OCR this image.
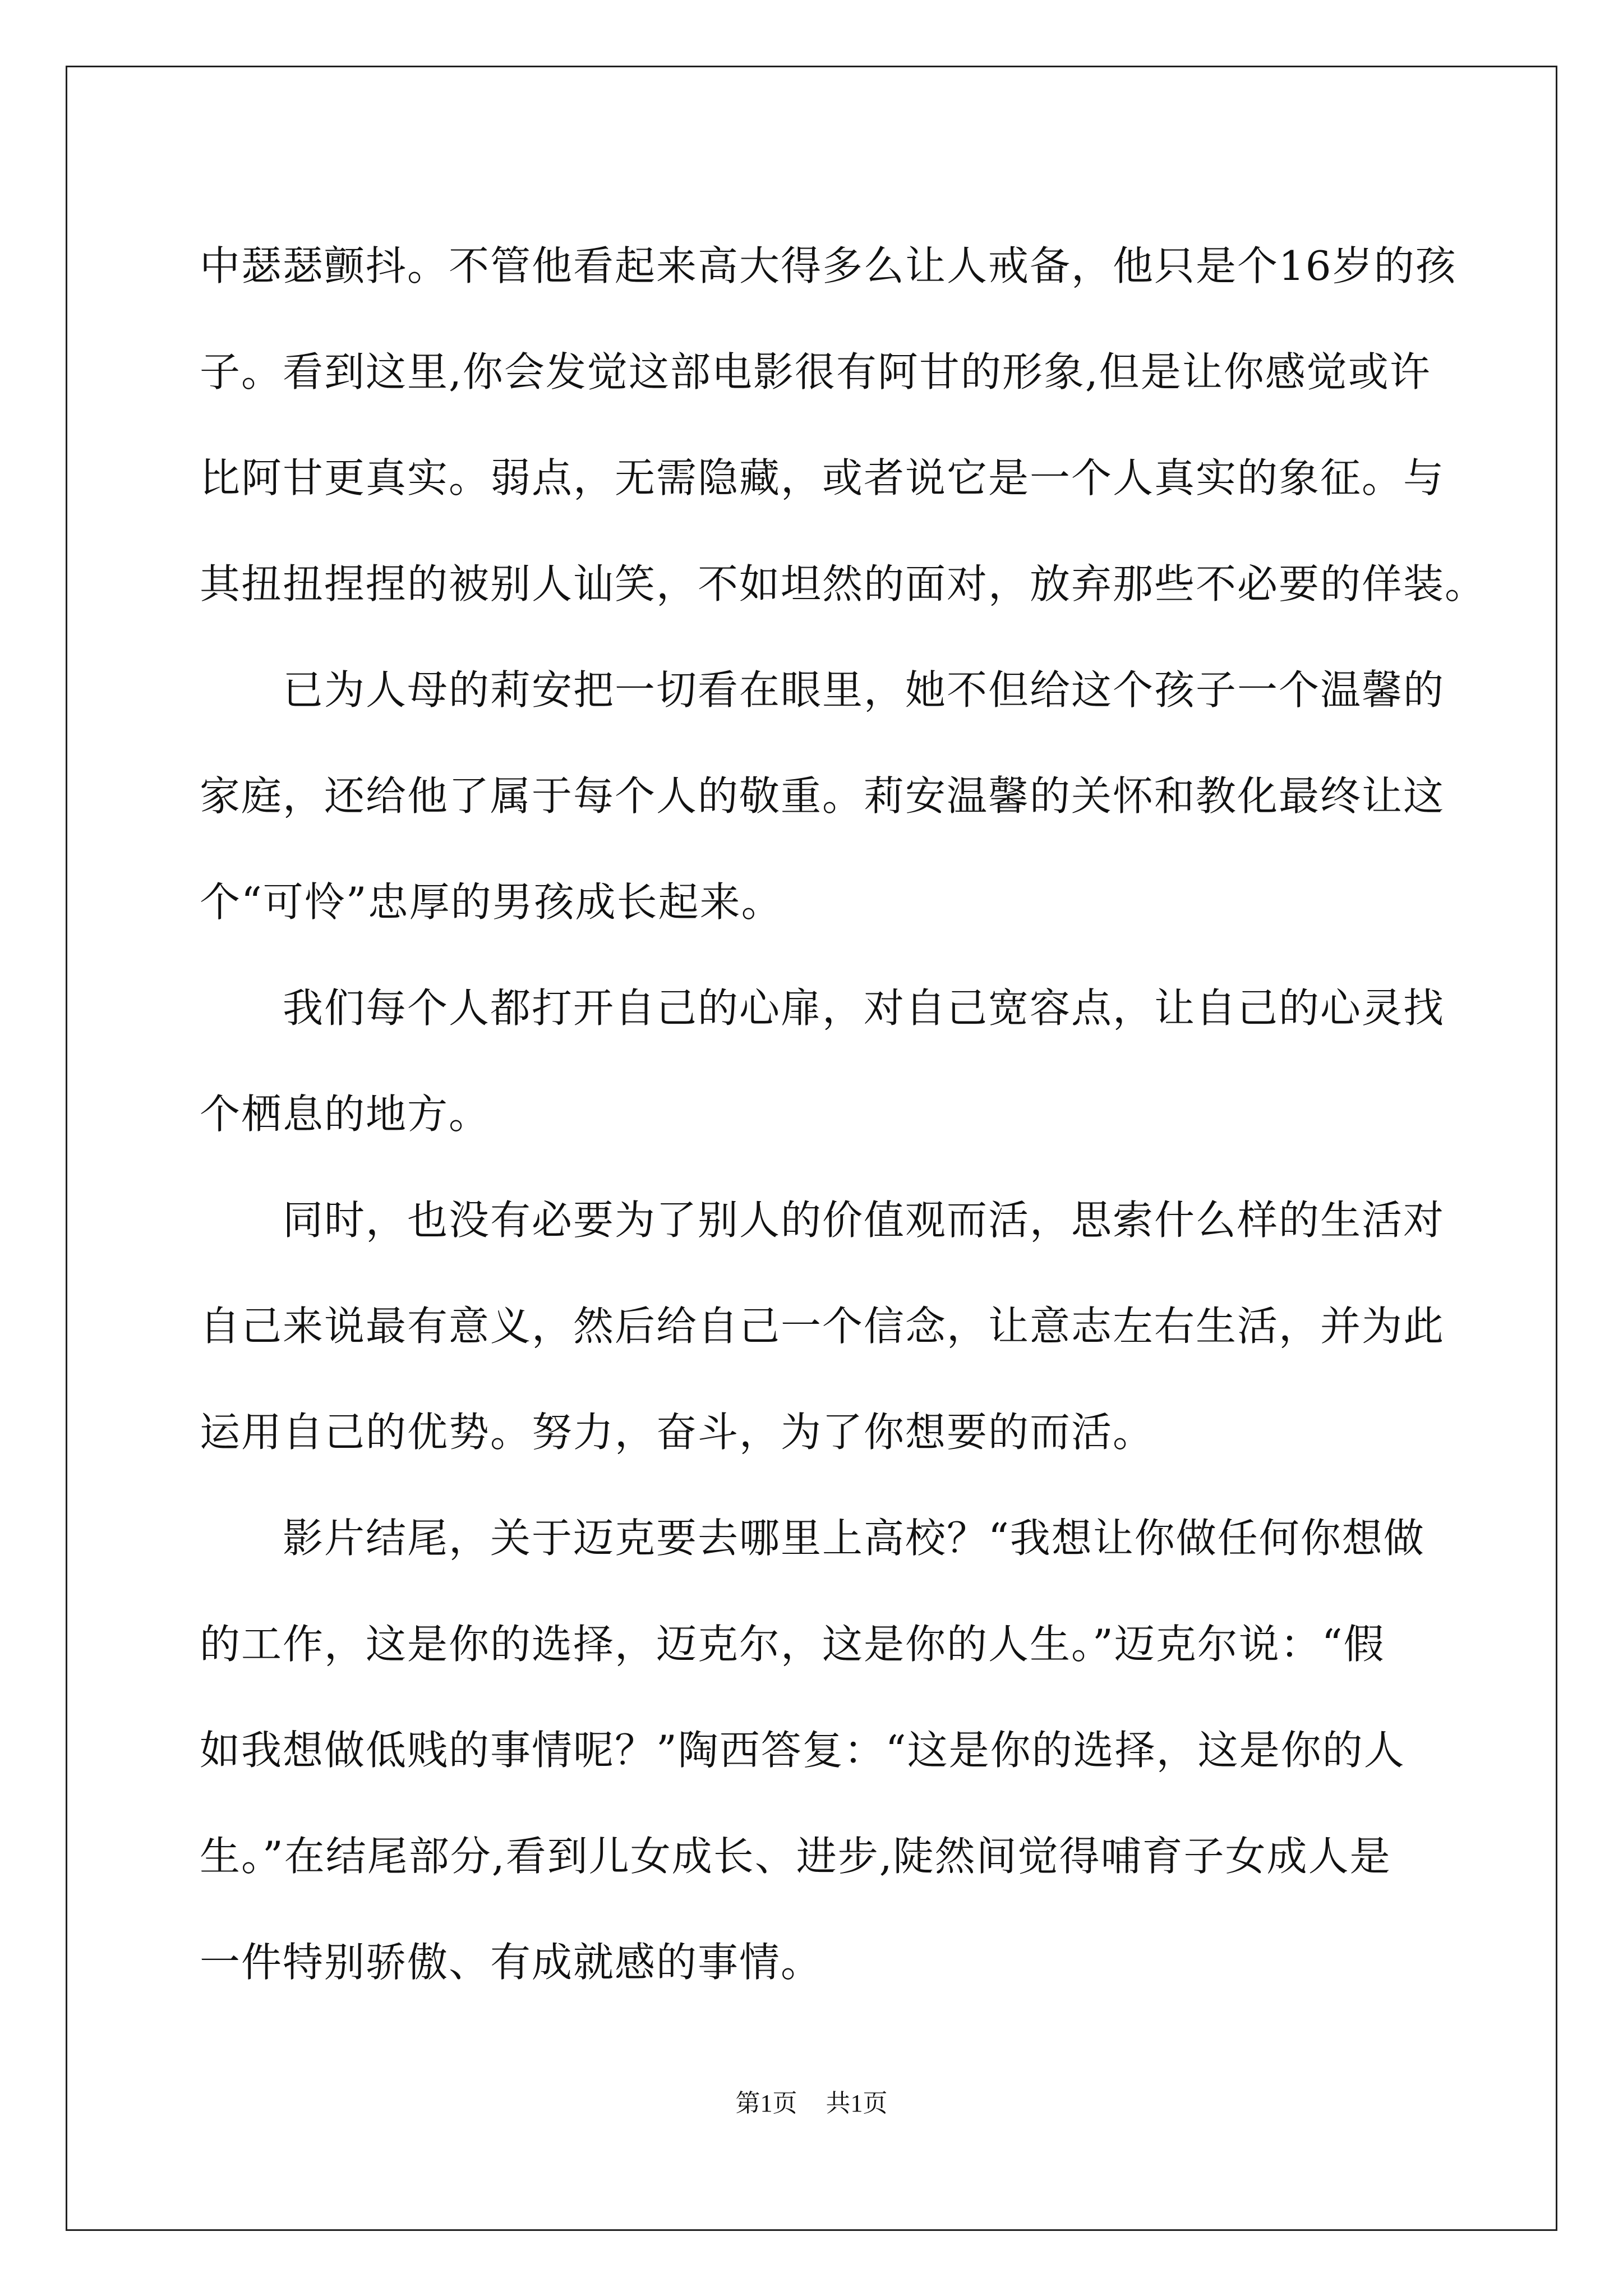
中瑟瑟颤抖。不管他看起来高大得多么让人戒备，他只是个16岁的孩
子。看到这里,你会发觉这部电影很有阿甘的形象,但是让你感觉或许
比阿甘更真实。弱点，无需隐藏，或者说它是一个人真实的象征。与
其扭扭捏捏的被别人讪笑，不如坦然的面对，放弃那些不必要的佯装。
已为人母的莉安把一切看在眼里，她不但给这个孩子一个温馨的
家庭，还给他了属于每个人的敬重。莉安温馨的关怀和教化最终让这
个“可怜”忠厚的男孩成长起来。
我们每个人都打开自己的心扉，对自己宽容点，让自己的心灵找
个栖息的地方。
同时，也没有必要为了别人的价值观而活，思索什么样的生活对
自己来说最有意义，然后给自己一个信念，让意志左右生活，并为此
运用自己的优势。努力，奋斗，为了你想要的而活。
影片结尾，关于迈克要去哪里上高校？“我想让你做任何你想做
的工作，这是你的选择，迈克尔，这是你的人生。”迈克尔说：“假
如我想做低贱的事情呢？”陶西答复：“这是你的选择，这是你的人
生。”在结尾部分,看到儿女成长、进步,陡然间觉得哺育子女成人是
一件特别骄傲、有成就感的事情。
第1页 共1页
